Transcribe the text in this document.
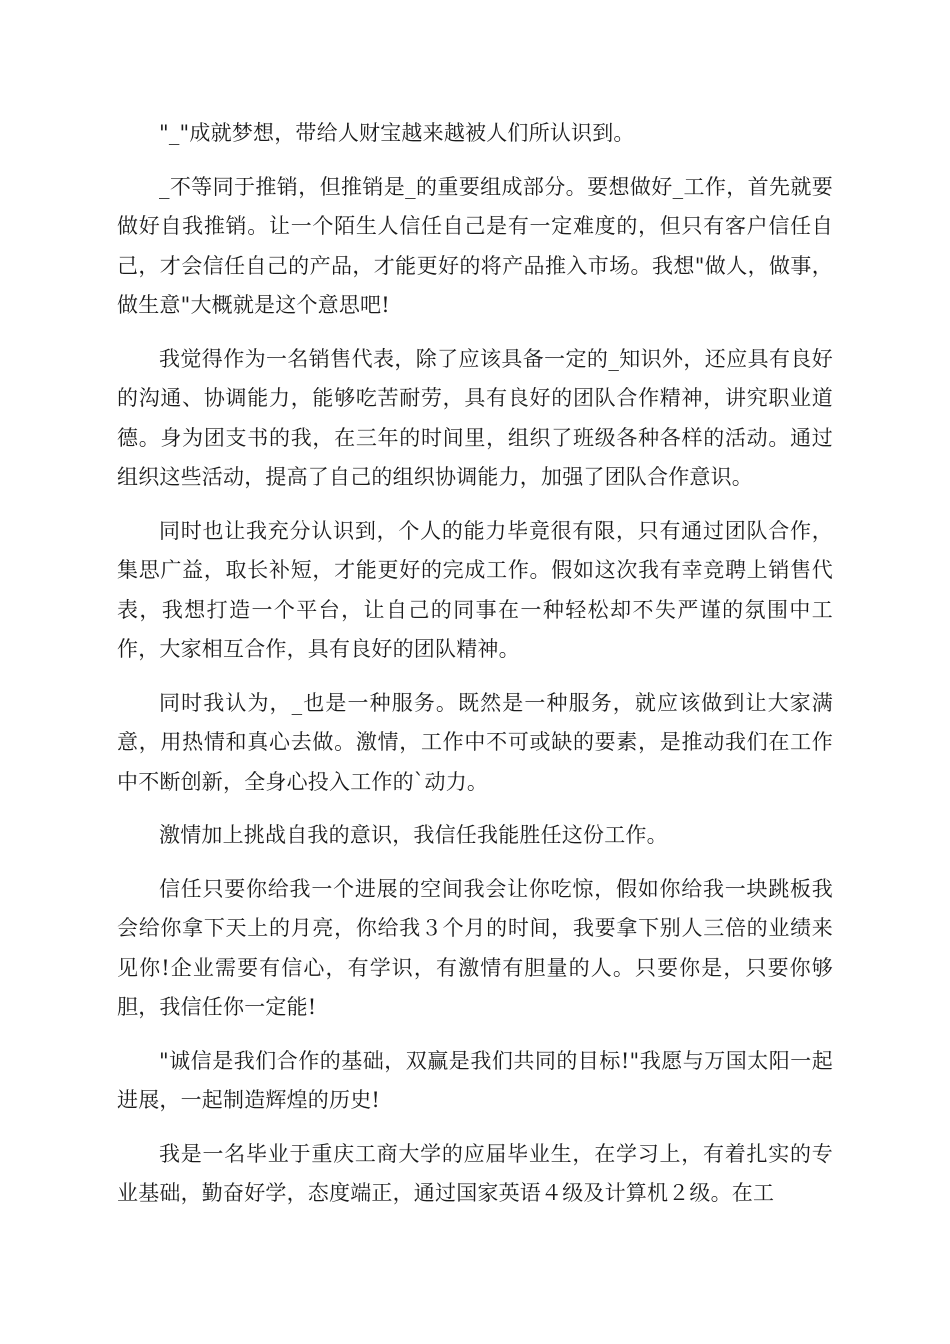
"_"成就梦想，带给人财宝越来越被人们所认识到。

_不等同于推销，但推销是_的重要组成部分。要想做好_工作，首先就要做好自我推销。让一个陌生人信任自己是有一定难度的，但只有客户信任自己，才会信任自己的产品，才能更好的将产品推入市场。我想"做人，做事，做生意"大概就是这个意思吧!

我觉得作为一名销售代表，除了应该具备一定的_知识外，还应具有良好的沟通、协调能力，能够吃苦耐劳，具有良好的团队合作精神，讲究职业道德。身为团支书的我，在三年的时间里，组织了班级各种各样的活动。通过组织这些活动，提高了自己的组织协调能力，加强了团队合作意识。

同时也让我充分认识到，个人的能力毕竟很有限，只有通过团队合作，集思广益，取长补短，才能更好的完成工作。假如这次我有幸竞聘上销售代表，我想打造一个平台，让自己的同事在一种轻松却不失严谨的氛围中工作，大家相互合作，具有良好的团队精神。

同时我认为，_也是一种服务。既然是一种服务，就应该做到让大家满意，用热情和真心去做。激情，工作中不可或缺的要素，是推动我们在工作中不断创新，全身心投入工作的`动力。

激情加上挑战自我的意识，我信任我能胜任这份工作。

信任只要你给我一个进展的空间我会让你吃惊，假如你给我一块跳板我会给你拿下天上的月亮，你给我３个月的时间，我要拿下别人三倍的业绩来见你!企业需要有信心，有学识，有激情有胆量的人。只要你是，只要你够胆，我信任你一定能!

"诚信是我们合作的基础，双赢是我们共同的目标!"我愿与万国太阳一起进展，一起制造辉煌的历史!

我是一名毕业于重庆工商大学的应届毕业生，在学习上，有着扎实的专业基础，勤奋好学，态度端正，通过国家英语４级及计算机２级。在工
